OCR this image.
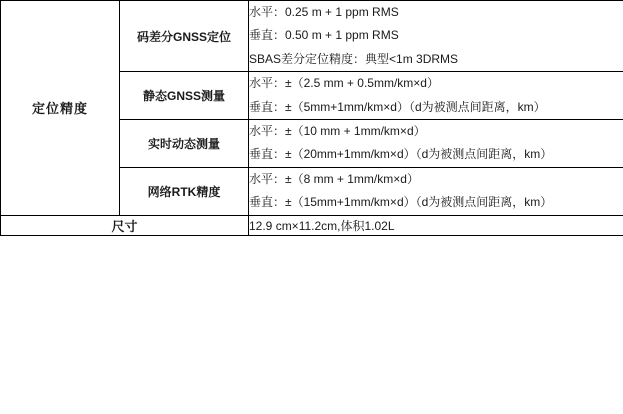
定位精度	码差分GNSS定位	水平：0.25 m + 1 ppm RMS
垂直：0.50 m + 1 ppm RMS
SBAS差分定位精度：典型<1m 3DRMS

	静态GNSS测量	水平：±（2.5 mm + 0.5mm/km×d）
垂直：±（5mm+1mm/km×d）（d为被测点间距离，km）

	实时动态测量	水平：±（10 mm + 1mm/km×d）
垂直：±（20mm+1mm/km×d）（d为被测点间距离，km）

	网络RTK精度	水平：±（8 mm + 1mm/km×d）
垂直：±（15mm+1mm/km×d）（d为被测点间距离，km）

尺寸		12.9 cm×11.2cm,体积1.02L
